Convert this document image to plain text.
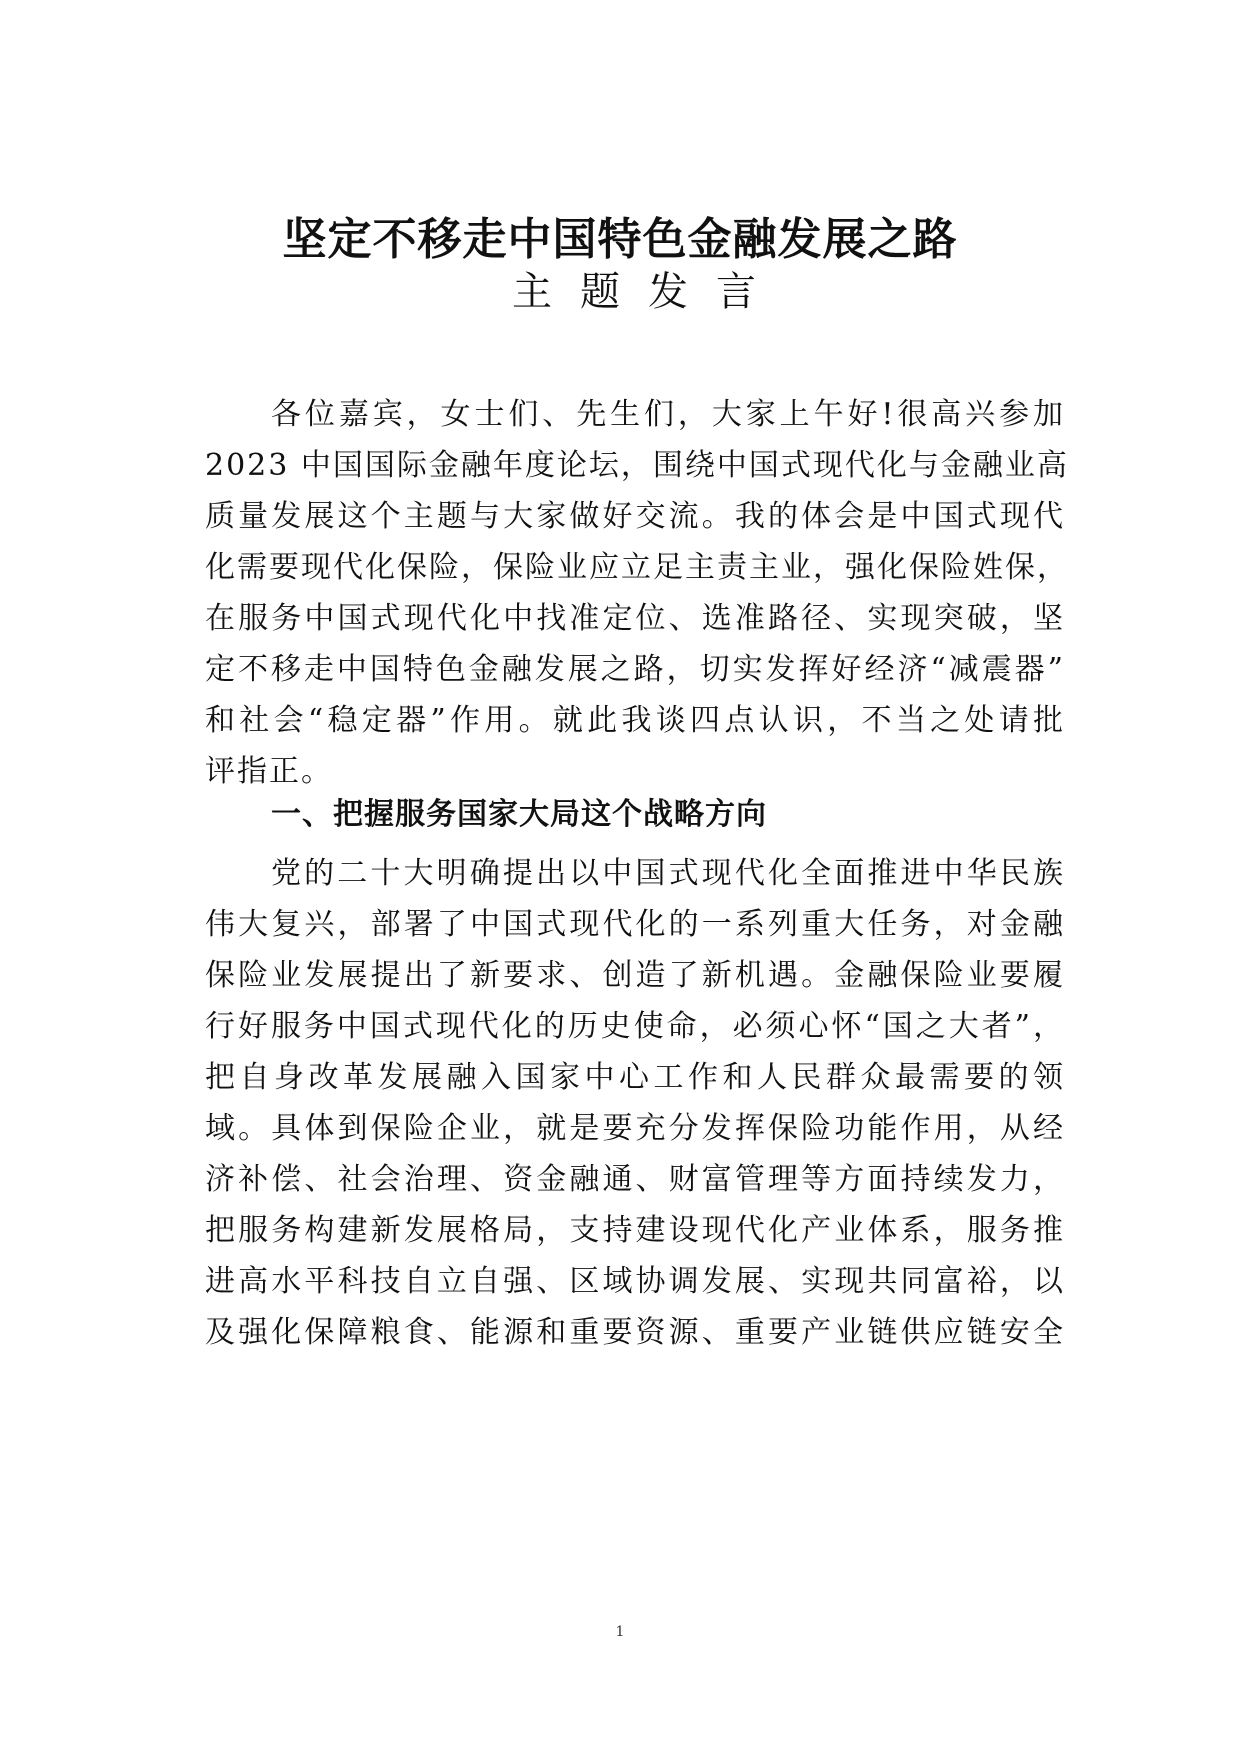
坚定不移走中国特色金融发展之路
主题发言
各位嘉宾，女士们、先生们，大家上午好!很高兴参加
2023 中国国际金融年度论坛，围绕中国式现代化与金融业高
质量发展这个主题与大家做好交流。我的体会是中国式现代
化需要现代化保险，保险业应立足主责主业，强化保险姓保，
在服务中国式现代化中找准定位、选准路径、实现突破，坚
定不移走中国特色金融发展之路，切实发挥好经济“减震器”
和社会“稳定器”作用。就此我谈四点认识，不当之处请批
评指正。
一、把握服务国家大局这个战略方向
党的二十大明确提出以中国式现代化全面推进中华民族
伟大复兴，部署了中国式现代化的一系列重大任务，对金融
保险业发展提出了新要求、创造了新机遇。金融保险业要履
行好服务中国式现代化的历史使命，必须心怀“国之大者”，
把自身改革发展融入国家中心工作和人民群众最需要的领
域。具体到保险企业，就是要充分发挥保险功能作用，从经
济补偿、社会治理、资金融通、财富管理等方面持续发力，
把服务构建新发展格局，支持建设现代化产业体系，服务推
进高水平科技自立自强、区域协调发展、实现共同富裕，以
及强化保障粮食、能源和重要资源、重要产业链供应链安全
1
